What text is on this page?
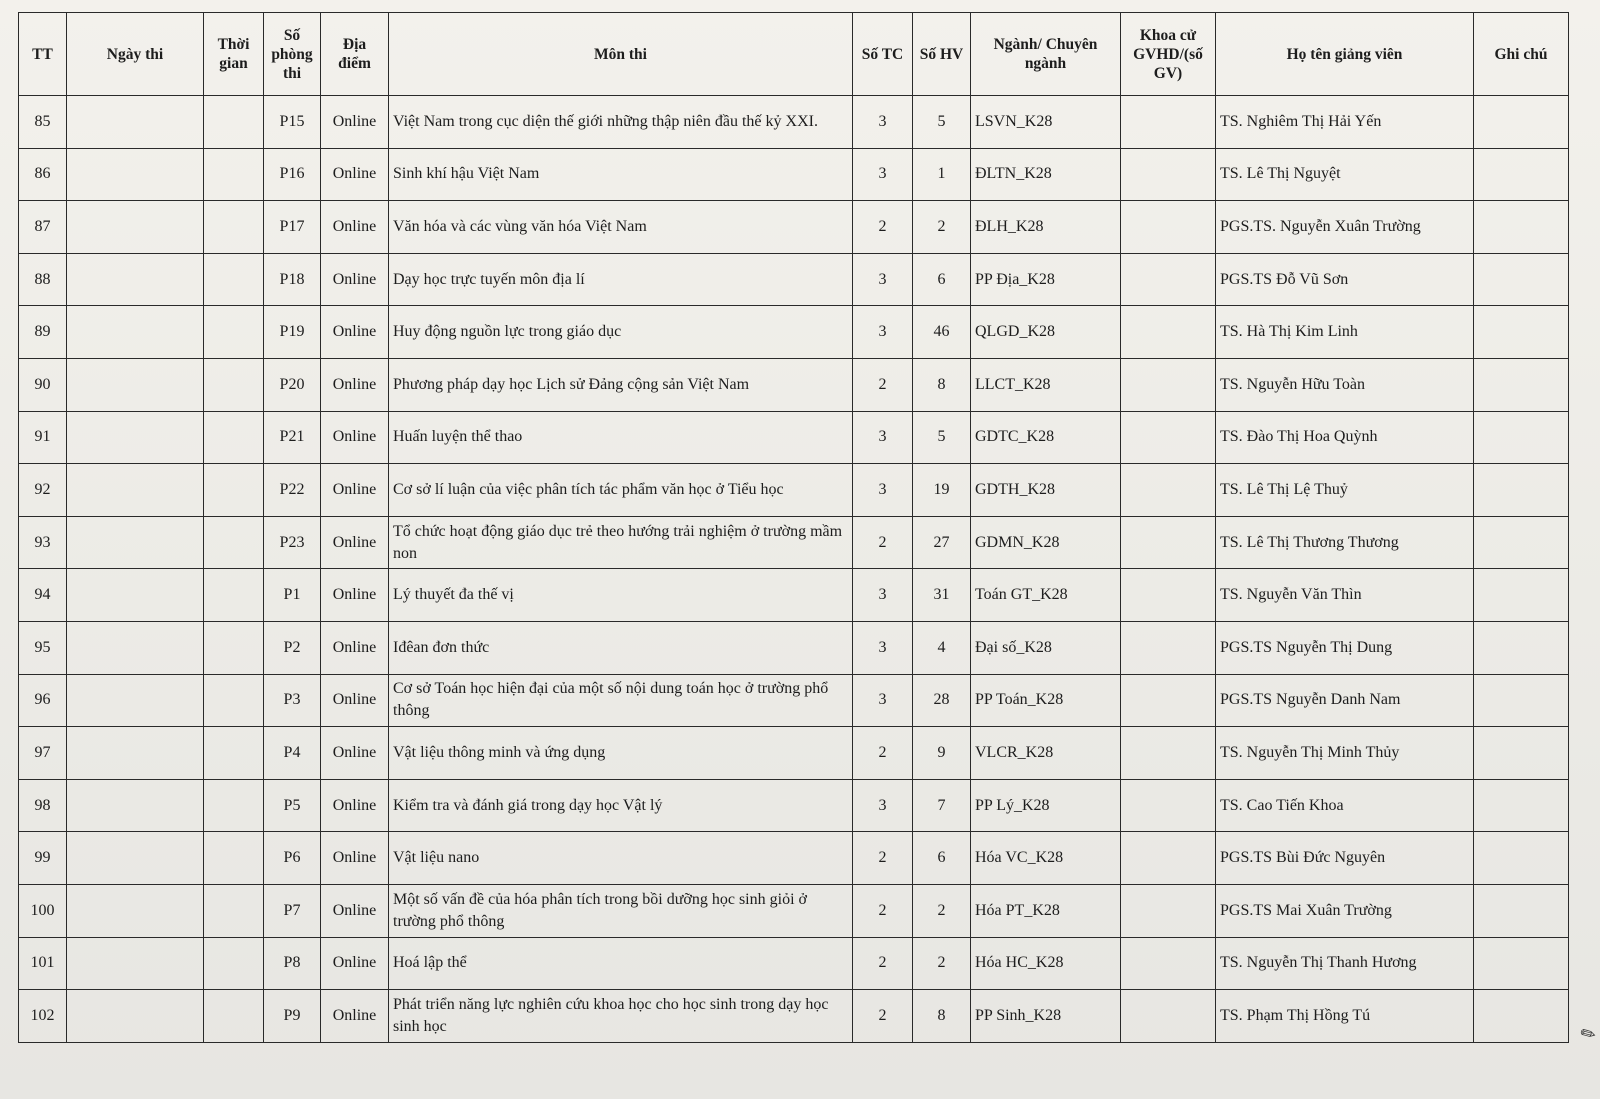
TT	Ngày thi	Thời gian	Số phòng thi	Địa điểm	Môn thi	Số TC	Số HV	Ngành/ Chuyên ngành	Khoa cử GVHD/(số GV)	Họ tên giảng viên	Ghi chú
85			P15	Online	Việt Nam trong cục diện thế giới những thập niên đầu thế kỷ XXI.	3	5	LSVN_K28		TS. Nghiêm Thị Hải Yến	
86			P16	Online	Sinh khí hậu Việt Nam	3	1	ĐLTN_K28		TS. Lê Thị Nguyệt	
87			P17	Online	Văn hóa và các vùng văn hóa Việt Nam	2	2	ĐLH_K28		PGS.TS. Nguyễn Xuân Trường	
88			P18	Online	Dạy học trực tuyến môn địa lí	3	6	PP Địa_K28		PGS.TS Đỗ Vũ Sơn	
89			P19	Online	Huy động nguồn lực trong giáo dục	3	46	QLGD_K28		TS. Hà Thị Kim Linh	
90			P20	Online	Phương pháp dạy học Lịch sử Đảng cộng sản Việt Nam	2	8	LLCT_K28		TS. Nguyễn Hữu Toàn	
91			P21	Online	Huấn luyện thể thao	3	5	GDTC_K28		TS. Đào Thị Hoa Quỳnh	
92			P22	Online	Cơ sở lí luận của việc phân tích tác phẩm văn học ở Tiểu học	3	19	GDTH_K28		TS. Lê Thị Lệ Thuỷ	
93			P23	Online	Tổ chức hoạt động giáo dục trẻ theo hướng trải nghiệm ở trường mầm non	2	27	GDMN_K28		TS. Lê Thị Thương Thương	
94			P1	Online	Lý thuyết đa thế vị	3	31	Toán GT_K28		TS. Nguyễn Văn Thìn	
95			P2	Online	Iđêan đơn thức	3	4	Đại số_K28		PGS.TS Nguyễn Thị Dung	
96			P3	Online	Cơ sở Toán học hiện đại của một số nội dung toán học ở trường phổ thông	3	28	PP Toán_K28		PGS.TS Nguyễn Danh Nam	
97			P4	Online	Vật liệu thông minh và ứng dụng	2	9	VLCR_K28		TS. Nguyễn Thị Minh Thủy	
98			P5	Online	Kiểm tra và đánh giá trong dạy học Vật lý	3	7	PP Lý_K28		TS. Cao Tiến Khoa	
99			P6	Online	Vật liệu nano	2	6	Hóa VC_K28		PGS.TS Bùi Đức Nguyên	
100			P7	Online	Một số vấn đề của hóa phân tích trong bồi dưỡng học sinh giỏi ở trường phổ thông	2	2	Hóa PT_K28		PGS.TS Mai Xuân Trường	
101			P8	Online	Hoá lập thể	2	2	Hóa HC_K28		TS. Nguyễn Thị Thanh Hương	
102			P9	Online	Phát triển năng lực nghiên cứu khoa học cho học sinh trong dạy học sinh học	2	8	PP Sinh_K28		TS. Phạm Thị Hồng Tú	
✎
